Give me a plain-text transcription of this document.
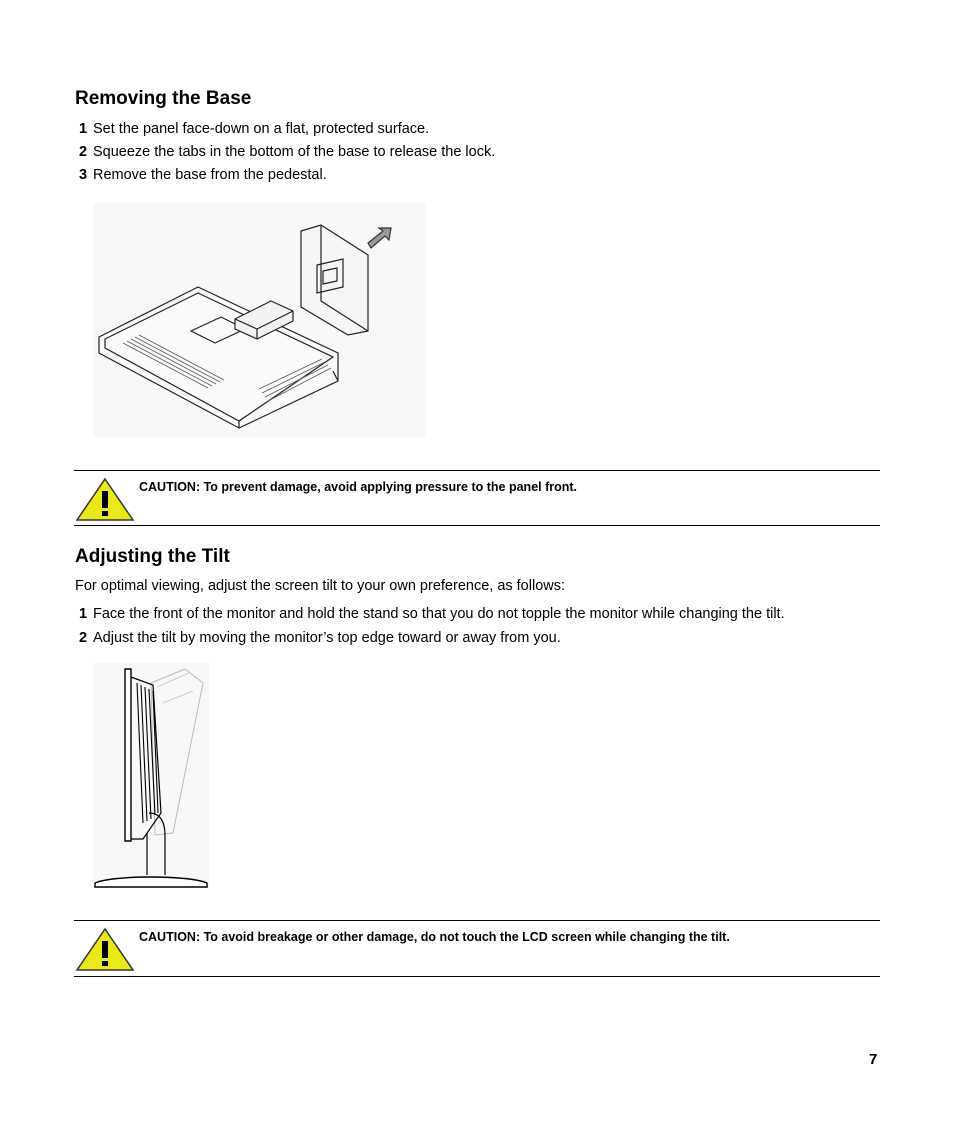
Removing the Base
1 Set the panel face-down on a flat, protected surface.
2 Squeeze the tabs in the bottom of the base to release the lock.
3 Remove the base from the pedestal.
CAUTION: To prevent damage, avoid applying pressure to the panel front.
Adjusting the Tilt
For optimal viewing, adjust the screen tilt to your own preference, as follows:
1 Face the front of the monitor and hold the stand so that you do not topple the monitor while changing the tilt.
2 Adjust the tilt by moving the monitor’s top edge toward or away from you.
CAUTION: To avoid breakage or other damage, do not touch the LCD screen while changing the tilt.
7
